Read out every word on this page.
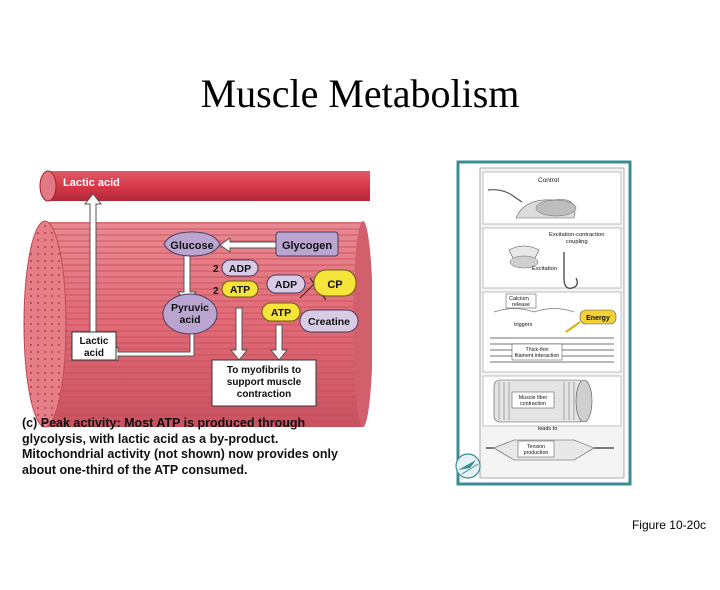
Muscle Metabolism
Lactic acid
Glucose	Glycogen
2 ADP
2 ATP ADP	CP
Pyruvic
acid
ATP
Creatine
Lactic
acid
To myofibrils to
support muscle
contraction
(c) Peak activity: Most ATP is produced through glycolysis, with lactic acid as a by-product. Mitochondrial activity (not shown) now provides only about one-third of the ATP consumed.
Control
Excitation-contraction
coupling
Excitation
Calcium
release
triggers
Energy
Thick-thin
filament interaction
Muscle fiber
contraction
leads to
Tension
production
Figure 10-20c
